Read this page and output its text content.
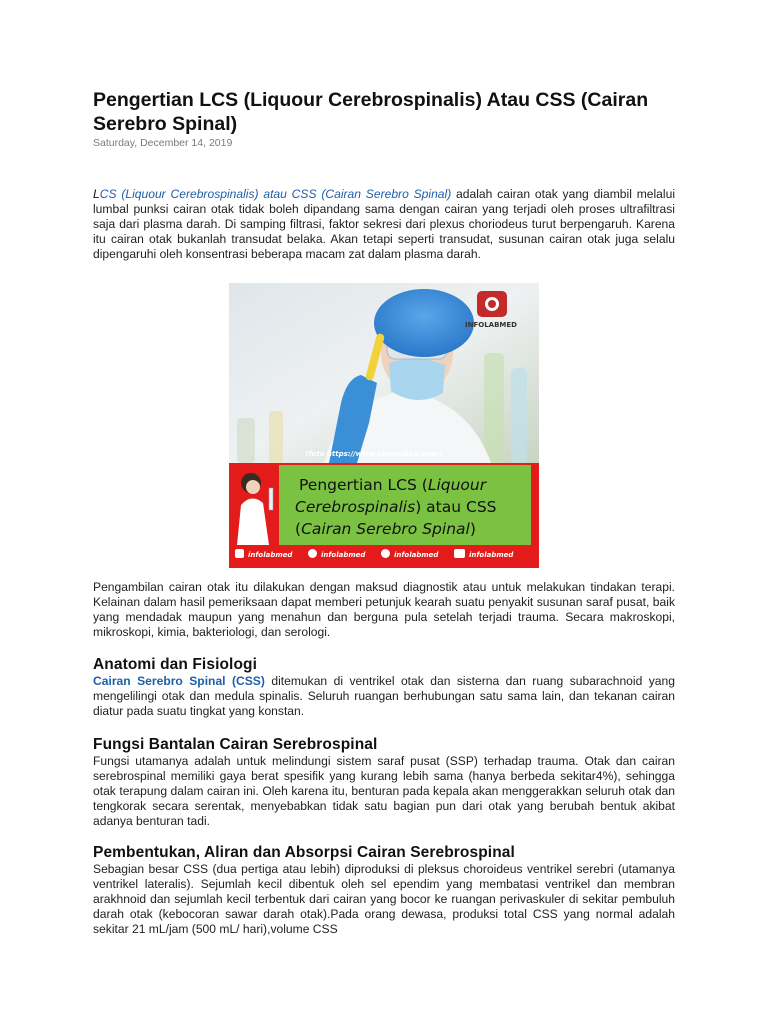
Pengertian LCS (Liquour Cerebrospinalis) Atau CSS (Cairan Serebro Spinal)
Saturday, December 14, 2019

LCS (Liquour Cerebrospinalis) atau CSS (Cairan Serebro Spinal) adalah cairan otak yang diambil melalui lumbal punksi cairan otak tidak boleh dipandang sama dengan cairan yang terjadi oleh proses ultrafiltrasi saja dari plasma darah. Di samping filtrasi, faktor sekresi dari plexus choriodeus turut berpengaruh. Karena itu cairan otak bukanlah transudat belaka. Akan tetapi seperti transudat, susunan cairan otak juga selalu dipengaruhi oleh konsentrasi beberapa macam zat dalam plasma darah.

INFOLABMED
(foto https://www.alomedika.com/)
Pengertian LCS (Liquour
Cerebrospinalis) atau CSS
(Cairan Serebro Spinal)
infolabmed	infolabmed	infolabmed	infolabmed

Pengambilan cairan otak itu dilakukan dengan maksud diagnostik atau untuk melakukan tindakan terapi. Kelainan dalam hasil pemeriksaan dapat memberi petunjuk kearah suatu penyakit susunan saraf pusat, baik yang mendadak maupun yang menahun dan berguna pula setelah terjadi trauma. Secara makroskopi, mikroskopi, kimia, bakteriologi, dan serologi.

Anatomi dan Fisiologi

Cairan Serebro Spinal (CSS) ditemukan di ventrikel otak dan sisterna dan ruang subarachnoid yang mengelilingi otak dan medula spinalis. Seluruh ruangan berhubungan satu sama lain, dan tekanan cairan diatur pada suatu tingkat yang konstan.

Fungsi Bantalan Cairan Serebrospinal

Fungsi utamanya adalah untuk melindungi sistem saraf pusat (SSP) terhadap trauma. Otak dan cairan serebrospinal memiliki gaya berat spesifik yang kurang lebih sama (hanya berbeda sekitar4%), sehingga otak terapung dalam cairan ini. Oleh karena itu, benturan pada kepala akan menggerakkan seluruh otak dan tengkorak secara serentak, menyebabkan tidak satu bagian pun dari otak yang berubah bentuk akibat adanya benturan tadi.

Pembentukan, Aliran dan Absorpsi Cairan Serebrospinal

Sebagian besar CSS (dua pertiga atau lebih) diproduksi di pleksus choroideus ventrikel serebri (utamanya ventrikel lateralis). Sejumlah kecil dibentuk oleh sel ependim yang membatasi ventrikel dan membran arakhnoid dan sejumlah kecil terbentuk dari cairan yang bocor ke ruangan perivaskuler di sekitar pembuluh darah otak (kebocoran sawar darah otak).Pada orang dewasa, produksi total CSS yang normal adalah sekitar 21 mL/jam (500 mL/ hari),volume CSS
